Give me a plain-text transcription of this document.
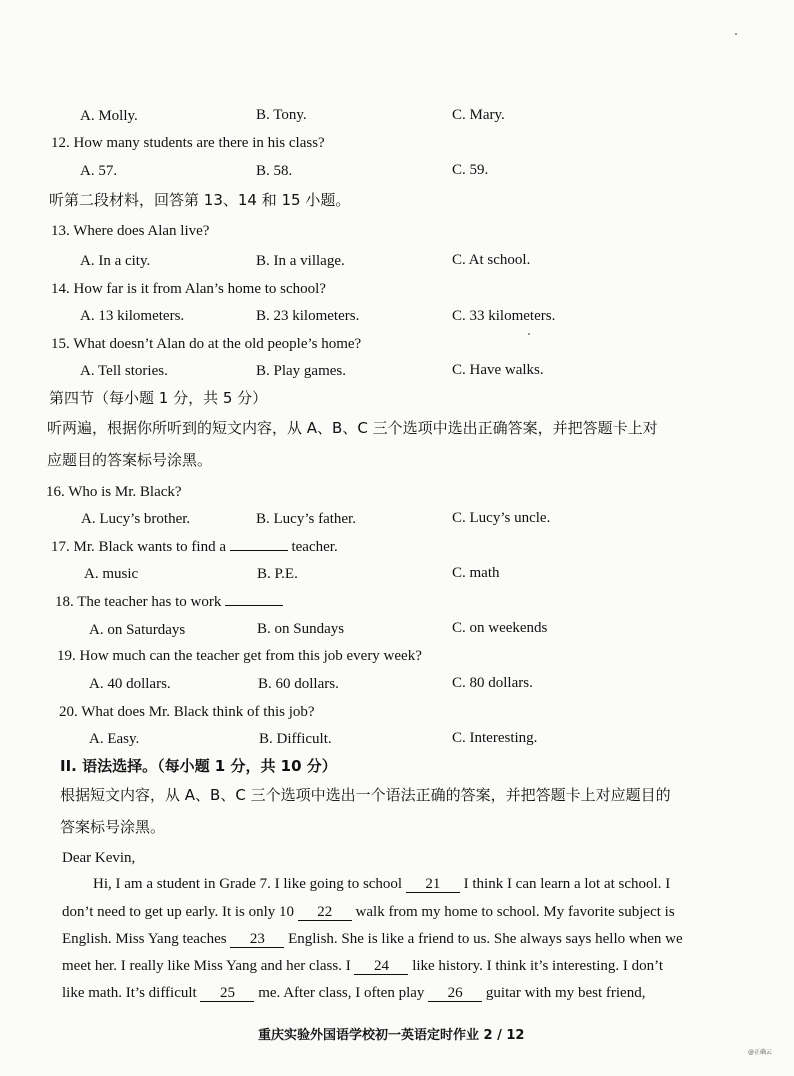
A. Molly.	B. Tony.	C. Mary.
12. How many students are there in his class?
A. 57.	B. 58.	C. 59.
听第二段材料，回答第 13、14 和 15 小题。
13. Where does Alan live?
A. In a city.	B. In a village.	C. At school.
14. How far is it from Alan’s home to school?
A. 13 kilometers.	B. 23 kilometers.	C. 33 kilometers.
15. What doesn’t Alan do at the old people’s home?
A. Tell stories.	B. Play games.	C. Have walks.
第四节（每小题 1 分，共 5 分）
听两遍，根据你所听到的短文内容，从 A、B、C 三个选项中选出正确答案，并把答题卡上对
应题目的答案标号涂黑。
16. Who is Mr. Black?
A. Lucy’s brother.	B. Lucy’s father.	C. Lucy’s uncle.
17. Mr. Black wants to find a	teacher.
A. music	B. P.E.	C. math
18. The teacher has to work
A. on Saturdays	B. on Sundays	C. on weekends
19. How much can the teacher get from this job every week?
A. 40 dollars.	B. 60 dollars.	C. 80 dollars.
20. What does Mr. Black think of this job?
A. Easy.	B. Difficult.	C. Interesting.
II. 语法选择。（每小题 1 分，共 10 分）
根据短文内容，从 A、B、C 三个选项中选出一个语法正确的答案，并把答题卡上对应题目的
答案标号涂黑。
Dear Kevin,
Hi, I am a student in Grade 7. I like going to school 21 I think I can learn a lot at school. I
don’t need to get up early. It is only 10 22 walk from my home to school. My favorite subject is
English. Miss Yang teaches 23 English. She is like a friend to us. She always says hello when we
meet her. I really like Miss Yang and her class. I 24 like history. I think it’s interesting. I don’t
like math. It’s difficult 25 me. After class, I often play 26 guitar with my best friend,
重庆实验外国语学校初一英语定时作业 2 / 12
@正确云
